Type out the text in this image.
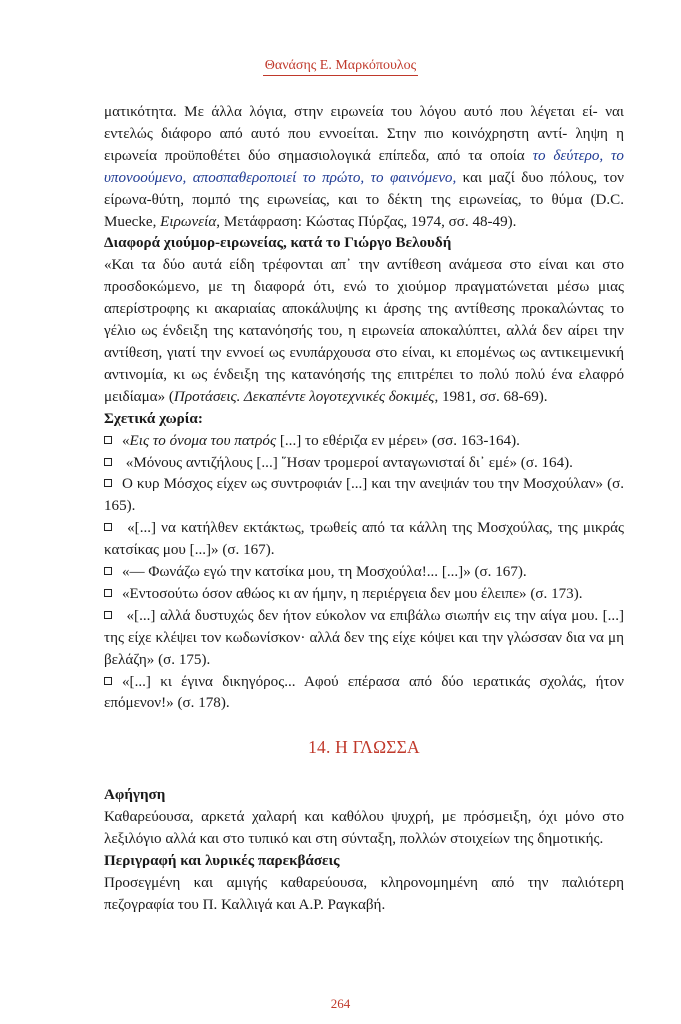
Θανάσης Ε. Μαρκόπουλος

ματικότητα. Με άλλα λόγια, στην ειρωνεία του λόγου αυτό που λέγεται εί- ναι εντελώς διάφορο από αυτό που εννοείται. Στην πιο κοινόχρηστη αντί- ληψη η ειρωνεία προϋποθέτει δύο σημασιολογικά επίπεδα, από τα οποία το δεύτερο, το υπονοούμενο, αποσπαθεροποιεί το πρώτο, το φαινόμενο, και μαζί δυο πόλους, τον είρωνα-θύτη, πομπό της ειρωνείας, και το δέκτη της ειρωνείας, το θύμα (D.C. Muecke, Ειρωνεία, Μετάφραση: Κώστας Πύρζας, 1974, σσ. 48-49).

Διαφορά χιούμορ-ειρωνείας, κατά το Γιώργο Βελουδή

«Και τα δύο αυτά είδη τρέφονται απ᾽ την αντίθεση ανάμεσα στο είναι και στο προσδοκώμενο, με τη διαφορά ότι, ενώ το χιούμορ πραγματώνεται μέσω μιας απερίστροφης κι ακαριαίας αποκάλυψης κι άρσης της αντίθεσης προκαλώντας το γέλιο ως ένδειξη της κατανόησής του, η ειρωνεία αποκαλύπτει, αλλά δεν αίρει την αντίθεση, γιατί την εννοεί ως ενυπάρχουσα στο είναι, κι επομένως ως αντικειμενική αντινομία, κι ως ένδειξη της κατανόησής της επιτρέπει το πολύ πολύ ένα ελαφρό μειδίαμα» (Προτάσεις. Δεκαπέντε λογοτεχνικές δοκιμές, 1981, σσ. 68-69).

Σχετικά χωρία:

«Εις το όνομα του πατρός [...] το εθέριζα εν μέρει» (σσ. 163-164).
«Μόνους αντιζήλους [...] ῞Ησαν τρομεροί ανταγωνισταί δι᾽ εμέ» (σ. 164).
Ο κυρ Μόσχος είχεν ως συντροφιάν [...] και την ανεψιάν του την Μοσχούλαν» (σ. 165).
«[...] να κατήλθεν εκτάκτως, τρωθείς από τα κάλλη της Μοσχούλας, της μικράς κατσίκας μου [...]» (σ. 167).
«— Φωνάζω εγώ την κατσίκα μου, τη Μοσχούλα!... [...]» (σ. 167).
«Εντοσούτω όσον αθώος κι αν ήμην, η περιέργεια δεν μου έλειπε» (σ. 173).
«[...] αλλά δυστυχώς δεν ήτον εύκολον να επιβάλω σιωπήν εις την αίγα μου. [...] της είχε κλέψει τον κωδωνίσκον· αλλά δεν της είχε κόψει και την γλώσσαν δια να μη βελάζη» (σ. 175).
«[...] κι έγινα δικηγόρος... Αφού επέρασα από δύο ιερατικάς σχολάς, ήτον επόμενον!» (σ. 178).
14. Η ΓΛΩΣΣΑ

Αφήγηση

Καθαρεύουσα, αρκετά χαλαρή και καθόλου ψυχρή, με πρόσμειξη, όχι μόνο στο λεξιλόγιο αλλά και στο τυπικό και στη σύνταξη, πολλών στοιχείων της δημοτικής.

Περιγραφή και λυρικές παρεκβάσεις

Προσεγμένη και αμιγής καθαρεύουσα, κληρονομημένη από την παλιότερη πεζογραφία του Π. Καλλιγά και Α.Ρ. Ραγκαβή.

264
